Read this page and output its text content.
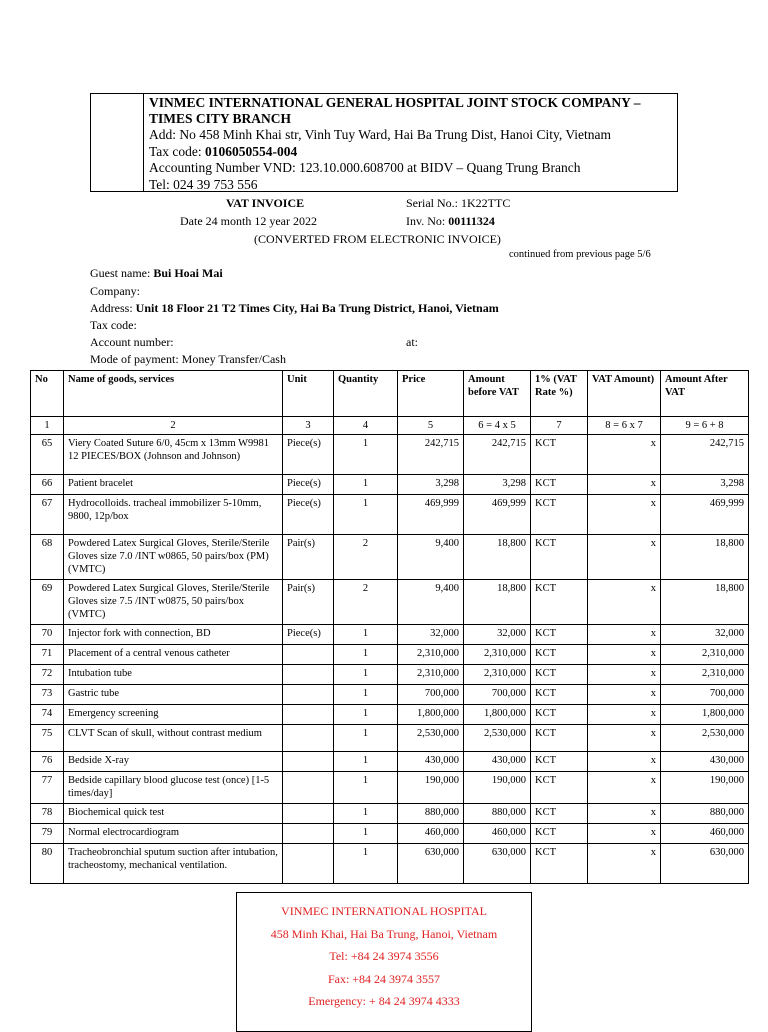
VINMEC INTERNATIONAL GENERAL HOSPITAL JOINT STOCK COMPANY – TIMES CITY BRANCH
Add: No 458 Minh Khai str, Vinh Tuy Ward, Hai Ba Trung Dist, Hanoi City, Vietnam
Tax code: 0106050554-004
Accounting Number VND: 123.10.000.608700 at BIDV – Quang Trung Branch
Tel: 024 39 753 556
VAT INVOICE	Serial No.: 1K22TTC
Date 24 month 12 year 2022	Inv. No: 00111324
(CONVERTED FROM ELECTRONIC INVOICE)
continued from previous page 5/6
Guest name: Bui Hoai Mai
Company:
Address: Unit 18 Floor 21 T2 Times City, Hai Ba Trung District, Hanoi, Vietnam
Tax code:
Account number:	at:
Mode of payment: Money Transfer/Cash
No	Name of goods, services	Unit	Quantity	Price	Amount before VAT	1% (VAT Rate %)	VAT Amount)	Amount After VAT
1	2	3	4	5	6 = 4 x 5	7	8 = 6 x 7	9 = 6 + 8
65	Viery Coated Suture 6/0, 45cm x 13mm W9981 12 PIECES/BOX (Johnson and Johnson)	Piece(s)	1	242,715	242,715	KCT	x	242,715
66	Patient bracelet	Piece(s)	1	3,298	3,298	KCT	x	3,298
67	Hydrocolloids. tracheal immobilizer 5-10mm, 9800, 12p/box	Piece(s)	1	469,999	469,999	KCT	x	469,999
68	Powdered Latex Surgical Gloves, Sterile/Sterile Gloves size 7.0 /INT w0865, 50 pairs/box (PM) (VMTC)	Pair(s)	2	9,400	18,800	KCT	x	18,800
69	Powdered Latex Surgical Gloves, Sterile/Sterile Gloves size 7.5 /INT w0875, 50 pairs/box (VMTC)	Pair(s)	2	9,400	18,800	KCT	x	18,800
70	Injector fork with connection, BD	Piece(s)	1	32,000	32,000	KCT	x	32,000
71	Placement of a central venous catheter		1	2,310,000	2,310,000	KCT	x	2,310,000
72	Intubation tube		1	2,310,000	2,310,000	KCT	x	2,310,000
73	Gastric tube		1	700,000	700,000	KCT	x	700,000
74	Emergency screening		1	1,800,000	1,800,000	KCT	x	1,800,000
75	CLVT Scan of skull, without contrast medium		1	2,530,000	2,530,000	KCT	x	2,530,000
76	Bedside X-ray		1	430,000	430,000	KCT	x	430,000
77	Bedside capillary blood glucose test (once) [1-5 times/day]		1	190,000	190,000	KCT	x	190,000
78	Biochemical quick test		1	880,000	880,000	KCT	x	880,000
79	Normal electrocardiogram		1	460,000	460,000	KCT	x	460,000
80	Tracheobronchial sputum suction after intubation, tracheostomy, mechanical ventilation.		1	630,000	630,000	KCT	x	630,000
VINMEC INTERNATIONAL HOSPITAL
458 Minh Khai, Hai Ba Trung, Hanoi, Vietnam
Tel: +84 24 3974 3556
Fax: +84 24 3974 3557
Emergency: + 84 24 3974 4333
